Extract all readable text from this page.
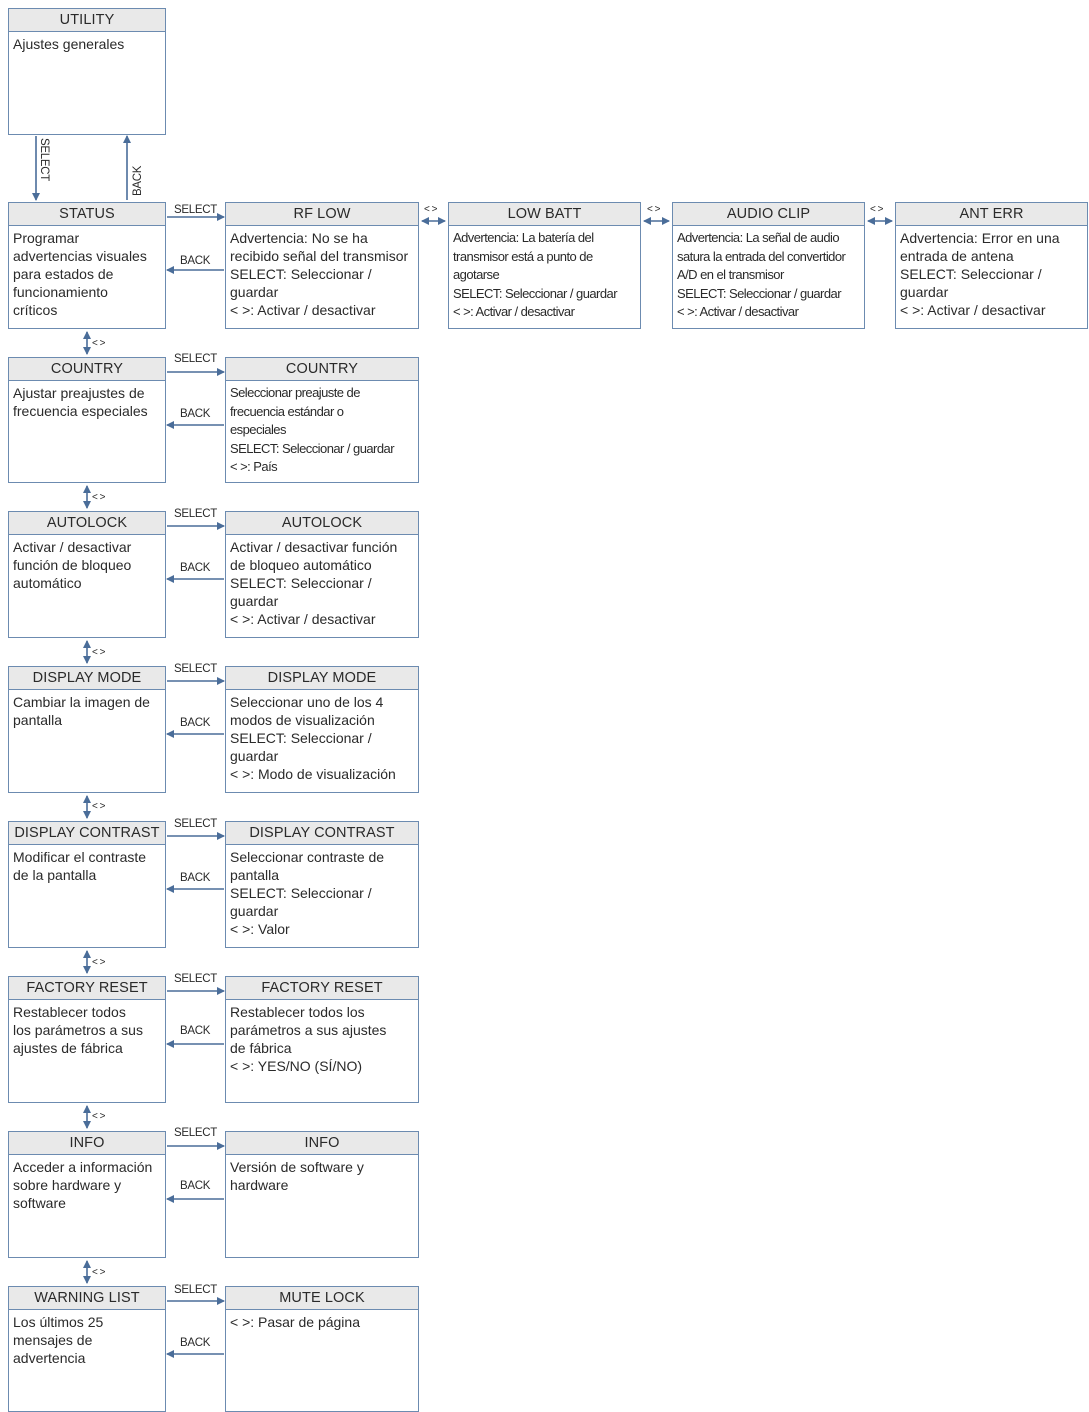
UTILITY
Ajustes generales
SELECT	BACK
STATUS
Programar
advertencias visuales
para estados de
funcionamiento
críticos
COUNTRY
Ajustar preajustes de
frecuencia especiales
AUTOLOCK
Activar / desactivar
función de bloqueo
automático
DISPLAY MODE
Cambiar la imagen de
pantalla
DISPLAY CONTRAST
Modificar el contraste
de la pantalla
FACTORY RESET
Restablecer todos
los parámetros a sus
ajustes de fábrica
INFO
Acceder a información
sobre hardware y
software
WARNING LIST
Los últimos 25
mensajes de
advertencia
RF LOW
Advertencia: No se ha
recibido señal del transmisor
SELECT: Seleccionar /
guardar
< >: Activar / desactivar
COUNTRY
Seleccionar preajuste de
frecuencia estándar o
especiales
SELECT: Seleccionar / guardar
< >: País
AUTOLOCK
Activar / desactivar función
de bloqueo automático
SELECT: Seleccionar /
guardar
< >: Activar / desactivar
DISPLAY MODE
Seleccionar uno de los 4
modos de visualización
SELECT: Seleccionar /
guardar
< >: Modo de visualización
DISPLAY CONTRAST
Seleccionar contraste de
pantalla
SELECT: Seleccionar /
guardar
< >: Valor
FACTORY RESET
Restablecer todos los
parámetros a sus ajustes
de fábrica
< >: YES/NO (SÍ/NO)
INFO
Versión de software y
hardware
MUTE LOCK
< >: Pasar de página
LOW BATT
Advertencia: La batería del
transmisor está a punto de
agotarse
SELECT: Seleccionar / guardar
< >: Activar / desactivar
AUDIO CLIP
Advertencia: La señal de audio
satura la entrada del convertidor
A/D en el transmisor
SELECT: Seleccionar / guardar
< >: Activar / desactivar
ANT ERR
Advertencia: Error en una
entrada de antena
SELECT: Seleccionar /
guardar
< >: Activar / desactivar
SELECT
BACK
SELECT
BACK
SELECT
BACK
SELECT
BACK
SELECT
BACK
SELECT
BACK
SELECT
BACK
SELECT
BACK
< >
< >
< >
< >
< >
< >
< >
< >	< >	< >
